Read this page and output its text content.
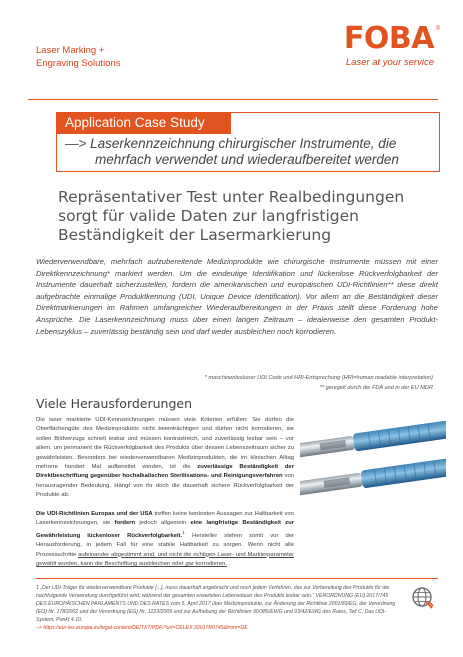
Laser Marking +
Engraving Solutions
FOBA ®
Laser at your service
Application Case Study
—> Laserkennzeichnung chirurgischer Instrumente, die
mehrfach verwendet und wiederaufbereitet werden
Repräsentativer Test unter Realbedingungen sorgt für valide Daten zur langfristigen Beständigkeit der Lasermarkierung
Wiederverwendbare, mehrfach aufzubereitende Medizinprodukte wie chirurgische Instrumente müssen mit einer Direktkennzeichnung* markiert werden. Um die eindeutige Identifikation und lückenlose Rückverfolgbarkeit der Instrumente dauerhaft sicherzustellen, fordern die amerikanischen und europäischen UDI-Richtlinien** diese direkt aufgebrachte einmalige Produktkennung (UDI, Unique Device Identification). Vor allem an die Beständigkeit dieser Direktmarkierungen im Rahmen umfangreicher Wiederaufbereitungen in der Praxis stellt diese Forderung hohe Ansprüche. Die Laserkennzeichnung muss über einen langen Zeitraum – idealerweise den gesamten Produkt-Lebenszyklus – zuverlässig beständig sein und darf weder ausbleichen noch korrodieren.
* maschinenlesbarer UDI Code und HRI-Entsprechung (HRI=human readable interpretation)
** geregelt durch die FDA und in der EU MDR
Viele Herausforderungen
Die laser markierte UDI-Kennzeichnungen müssen viele Kriterien erfüllen: Sie dürfen die Oberflächengüte des Medizinprodukts nicht beeinträchtigen und dürfen nicht korrodieren, sie sollen Bildverzugs schnell lesbar und müssen kontrastreich, und zuverlässig lesbar sein – vor allem, um permanent die Rückverfolgbarkeit des Produkts über dessen Lebenszeitraum sicher zu gewährleisten. Besonders bei wiederverwendbaren Medizinprodukten, die im klinischen Alltag mehrere hundert Mal aufbereitet werden, ist die zuverlässige Beständigkeit der Direktbeschriftung gegenüber hochalkalischen Sterilisations- und Reinigungsverfahren von herausragender Bedeutung. Hängt von ihr doch die dauerhaft sichere Rückverfolgbarkeit der Produkte ab.
Die UDI-Richtlinien Europas und der USA treffen keine konkreten Aussagen zur Haltbarkeit von Laserkennzeichnungen, sie fordern jedoch allgemein eine langfristige Beständigkeit zur Gewährleistung lückenloser Rückverfolgbarkeit.$^1$ Hersteller stehen somit vor der Herausforderung, in jedem Fall für eine stabile Haltbarkeit zu sorgen. Wenn nicht alle Prozessschritte aufeinander abgestimmt sind, und nicht die richtigen Laser- und Markierparameter gewählt wurden, kann die Beschriftung ausbleichen oder gar korrodieren.
1 „Der UDI-Träger für wiederverwendbare Produkte [...], muss dauerhaft angebracht und noch jedem Verfahren, das zur Vorbereitung des Produkts für die nachfolgende Verwendung durchgeführt wird, während der gesamten erwarteten Lebensdauer des Produkts lesbar sein.“ VERORDNUNG (EU) 2017/745 DES EUROPÄISCHEN PARLAMENTS UND DES RATES vom 5. April 2017 über Medizinprodukte, zur Änderung der Richtlinie 2001/83/EG, der Verordnung (EG) Nr. 178/2002 und der Verordnung (EG) Nr. 1223/2009 und zur Aufhebung der Richtlinien 90/385/EWG und 93/42/EWG des Rates, Teil C, Das UDI-System, Punkt 4.10.
–> https://eur-lex.europa.eu/legal-content/DE/TXT/PDF/?uri=CELEX:32017R0745&from=DE
